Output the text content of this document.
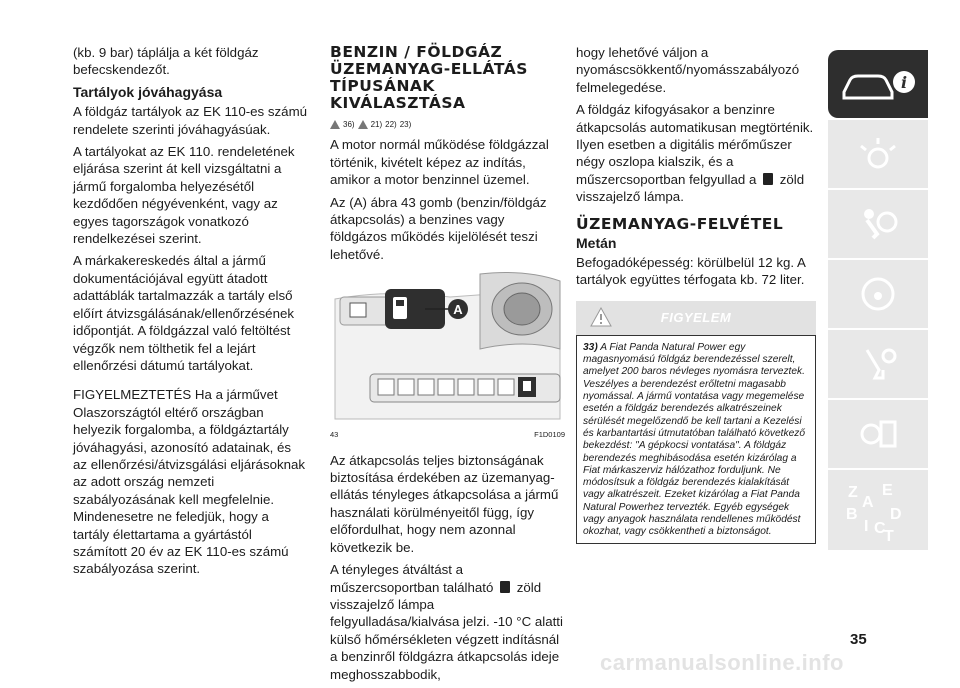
(kb. 9 bar) táplálja a két földgáz befecskendezőt.

Tartályok jóváhagyása

A földgáz tartályok az EK 110-es számú rendelete szerinti jóváhagyásúak.

A tartályokat az EK 110. rendeletének eljárása szerint át kell vizsgáltatni a jármű forgalomba helyezésétől kezdődően négyévenként, vagy az egyes tagországok vonatkozó rendelkezései szerint.

A márkakereskedés által a jármű dokumentációjával együtt átadott adattáblák tartalmazzák a tartály első előírt átvizsgálásának/ellenőrzésének időpontját. A földgázzal való feltöltést végzők nem tölthetik fel a lejárt ellenőrzési dátumú tartályokat.

FIGYELMEZTETÉS Ha a járművet Olaszországtól eltérő országban helyezik forgalomba, a földgáztartály jóváhagyási, azonosító adatainak, és az ellenőrzési/átvizsgálási eljárásoknak az adott ország nemzeti szabályozásának kell megfelelnie. Mindenesetre ne feledjük, hogy a tartály élettartama a gyártástól számított 20 év az EK 110-es számú szabályozása szerint.

BENZIN / FÖLDGÁZ ÜZEMANYAG-ELLÁTÁS TÍPUSÁNAK KIVÁLASZTÁSA
36) 21) 22) 23)

A motor normál működése földgázzal történik, kivételt képez az indítás, amikor a motor benzinnel üzemel.

Az (A) ábra 43 gomb (benzin/földgáz átkapcsolás) a benzines vagy földgázos működés kijelölését teszi lehetővé.

A
43	F1D0109

Az átkapcsolás teljes biztonságának biztosítása érdekében az üzemanyag-ellátás tényleges átkapcsolása a jármű használati körülményeitől függ, így előfordulhat, hogy nem azonnal következik be.

A tényleges átváltást a műszercsoportban található zöld visszajelző lámpa felgyulladása/kialvása jelzi. -10 °C alatti külső hőmérsékleten végzett indításnál a benzinről földgázra átkapcsolás ideje meghosszabbodik,

hogy lehetővé váljon a nyomáscsökkentő/nyomásszabályozó felmelegedése.

A földgáz kifogyásakor a benzinre átkapcsolás automatikusan megtörténik. Ilyen esetben a digitális mérőműszer négy oszlopa kialszik, és a műszercsoportban felgyullad a zöld visszajelző lámpa.

ÜZEMANYAG-FELVÉTEL
Metán

Befogadóképesség: körülbelül 12 kg. A tartályok együttes térfogata kb. 72 liter.

FIGYELEM
33) A Fiat Panda Natural Power egy magasnyomású földgáz berendezéssel szerelt, amelyet 200 baros névleges nyomásra terveztek. Veszélyes a berendezést erőltetni magasabb nyomással. A jármű vontatása vagy megemelése esetén a földgáz berendezés alkatrészeinek sérülését megelőzendő be kell tartani a Kezelési és karbantartási útmutatóban található következő bekezdést: "A gépkocsi vontatása". A földgáz berendezés meghibásodása esetén kizárólag a Fiat márkaszerviz hálózathoz forduljunk. Ne módosítsuk a földgáz berendezés kialakítását vagy alkatrészeit. Ezeket kizárólag a Fiat Panda Natural Powerhez tervezték. Egyéb egységek vagy anyagok használata rendellenes működést okozhat, vagy csökkentheti a biztonságot.
i
Z E
A
B D
I C
T
35
carmanualsonline.info
